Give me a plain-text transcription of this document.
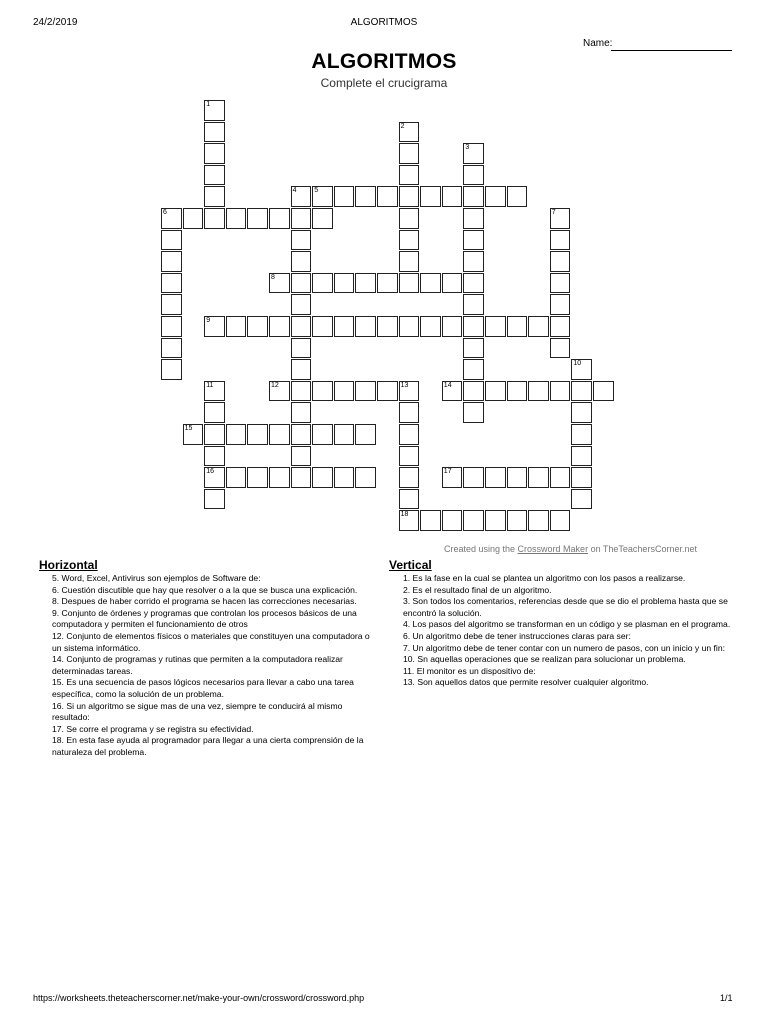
24/2/2019	ALGORITMOS
Name:
ALGORITMOS
Complete el crucigrama
1
2
3
4	5
6	7
8
9
10
11
16
12	13
18
14
15
17
Created using the Crossword Maker on TheTeachersCorner.net
Horizontal	Vertical

5. Word, Excel, Antivirus son ejemplos de Software de:

6. Cuestión discutible que hay que resolver o a la que se busca una explicación.

8. Despues de haber corrido el programa se hacen las correcciones necesarias.

9. Conjunto de órdenes y programas que controlan los procesos básicos de una computadora y permiten el funcionamiento de otros

12. Conjunto de elementos físicos o materiales que constituyen una computadora o un sistema informático.

14. Conjunto de programas y rutinas que permiten a la computadora realizar determinadas tareas.

15. Es una secuencia de pasos lógicos necesarios para llevar a cabo una tarea específica, como la solución de un problema.

16. Si un algoritmo se sigue mas de una vez, siempre te conducirá al mismo resultado:

17. Se corre el programa y se registra su efectividad.

18. En esta fase ayuda al programador para llegar a una cierta comprensión de la naturaleza del problema.

1. Es la fase en la cual se plantea un algoritmo con los pasos a realizarse.

2. Es el resultado final de un algoritmo.

3. Son todos los comentarios, referencias desde que se dio el problema hasta que se encontró la solución.

4. Los pasos del algoritmo se transforman en un código y se plasman en el programa.

6. Un algoritmo debe de tener instrucciones claras para ser:

7. Un algoritmo debe de tener contar con un numero de pasos, con un inicio y un fin:

10. Sn aquellas operaciones que se realizan para solucionar un problema.

11. El monitor es un dispositivo de:

13. Son aquellos datos que permite resolver cualquier algoritmo.

https://worksheets.theteacherscorner.net/make-your-own/crossword/crossword.php	1/1
